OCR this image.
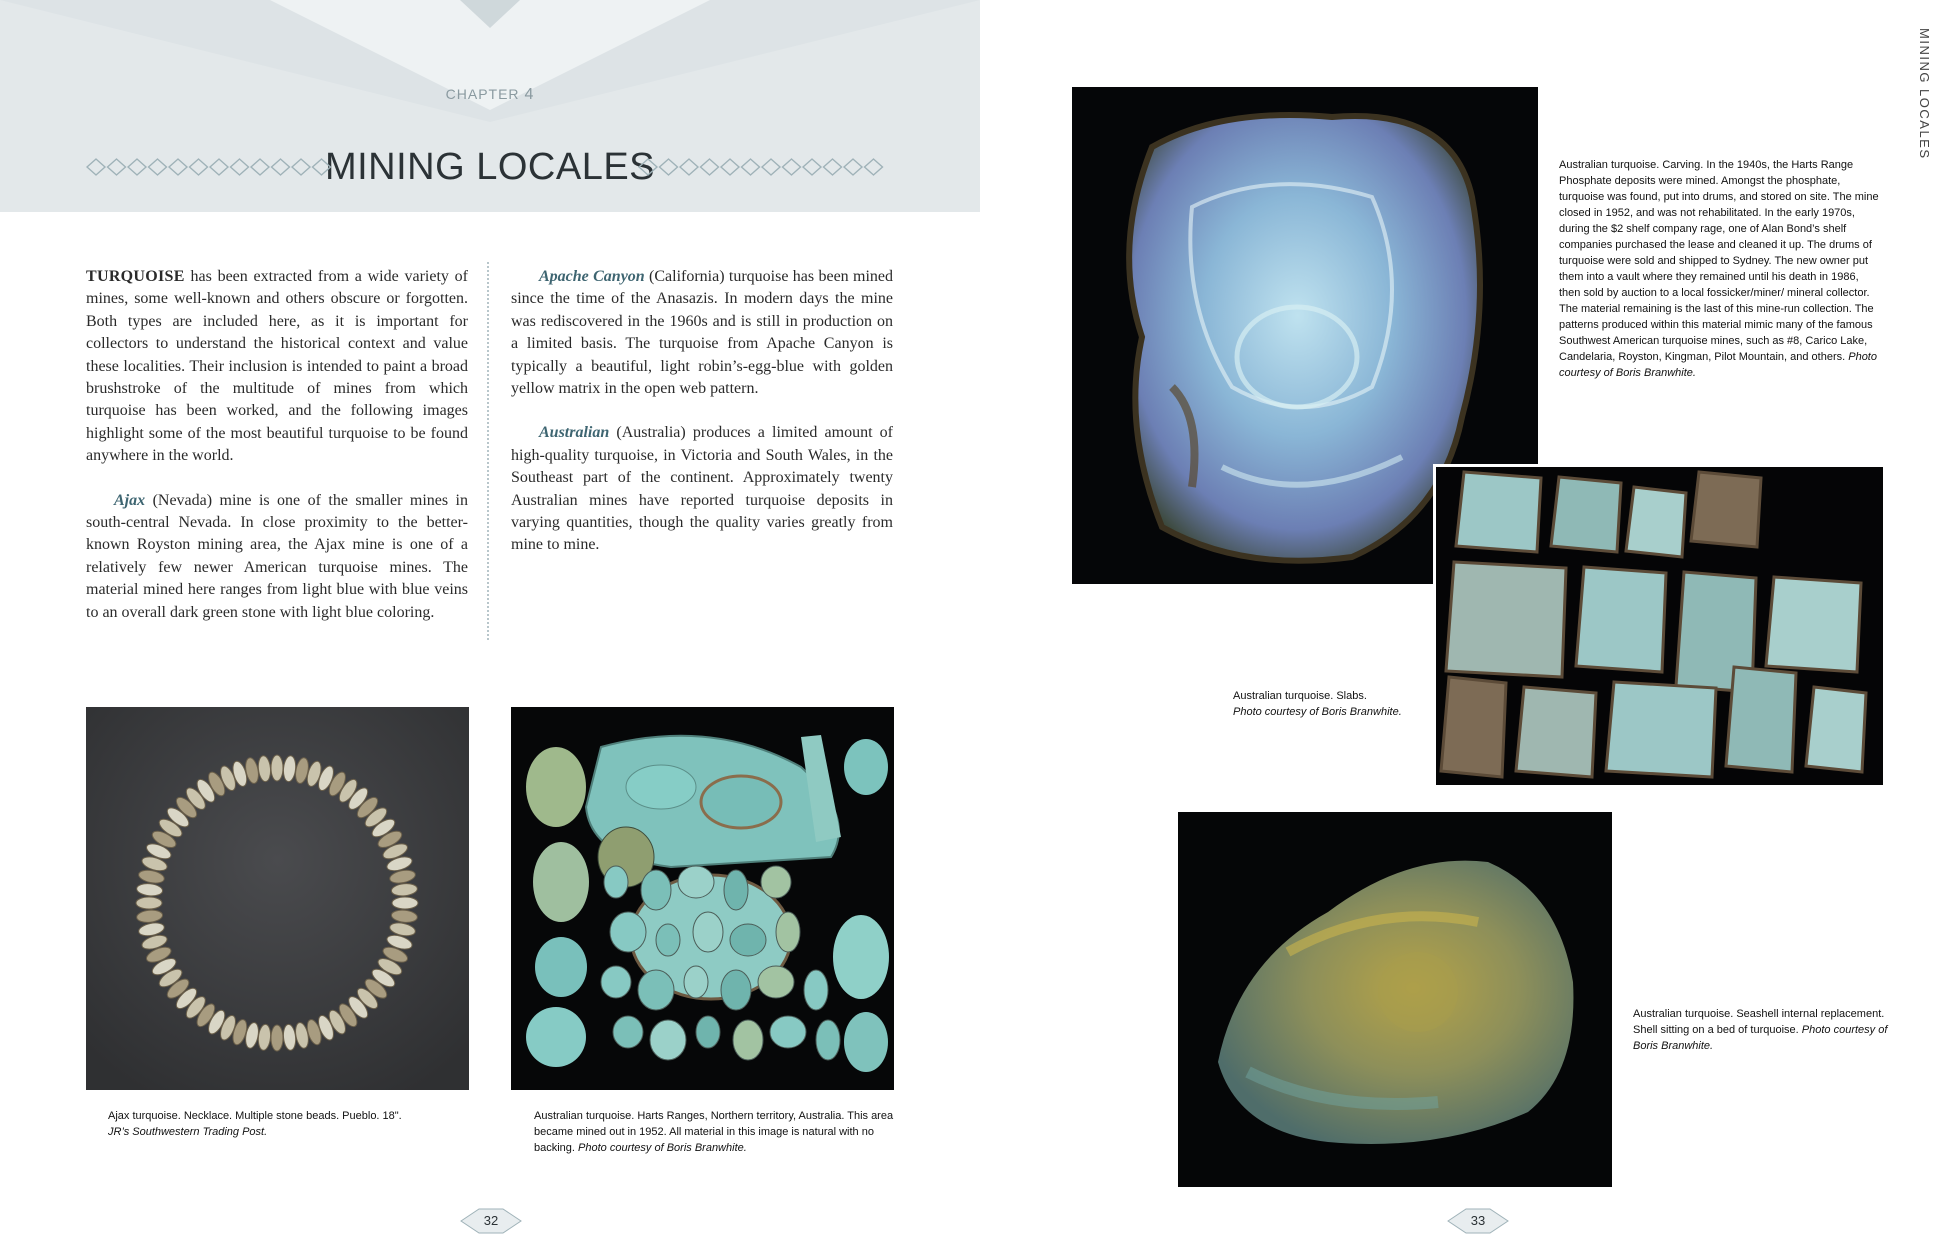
CHAPTER 4
MINING LOCALES
MINING LOCALES

TURQUOISE has been extracted from a wide variety of mines, some well-known and others obscure or forgotten. Both types are included here, as it is important for collectors to understand the historical context and value these localities. Their inclusion is intended to paint a broad brushstroke of the multitude of mines from which turquoise has been worked, and the following images highlight some of the most beautiful turquoise to be found anywhere in the world.

Ajax (Nevada) mine is one of the smaller mines in south-central Nevada. In close proximity to the better-known Royston mining area, the Ajax mine is one of a relatively few newer American turquoise mines. The material mined here ranges from light blue with blue veins to an overall dark green stone with light blue coloring.

Apache Canyon (California) turquoise has been mined since the time of the Anasazis. In modern days the mine was rediscovered in the 1960s and is still in production on a limited basis. The turquoise from Apache Canyon is typically a beautiful, light robin’s-egg-blue with golden yellow matrix in the open web pattern.

Australian (Australia) produces a limited amount of high-quality turquoise, in Victoria and South Wales, in the Southeast part of the continent. Approximately twenty Australian mines have reported turquoise deposits in varying quantities, though the quality varies greatly from mine to mine.

Ajax turquoise. Necklace. Multiple stone beads. Pueblo. 18".
JR’s Southwestern Trading Post.
Australian turquoise. Harts Ranges, Northern territory, Australia. This area became mined out in 1952. All material in this image is natural with no backing. Photo courtesy of Boris Branwhite.
Australian turquoise. Carving. In the 1940s, the Harts Range Phosphate deposits were mined. Amongst the phosphate, turquoise was found, put into drums, and stored on site. The mine closed in 1952, and was not rehabilitated. In the early 1970s, during the $2 shelf company rage, one of Alan Bond’s shelf companies purchased the lease and cleaned it up. The drums of turquoise were sold and shipped to Sydney. The new owner put them into a vault where they remained until his death in 1986, then sold by auction to a local fossicker/miner/ mineral collector. The material remaining is the last of this mine-run collection. The patterns produced within this material mimic many of the famous Southwest American turquoise mines, such as #8, Carico Lake, Candelaria, Royston, Kingman, Pilot Mountain, and others. Photo courtesy of Boris Branwhite.
Australian turquoise. Slabs.
Photo courtesy of Boris Branwhite.
Australian turquoise. Seashell internal replacement. Shell sitting on a bed of turquoise. Photo courtesy of Boris Branwhite.
32	33
